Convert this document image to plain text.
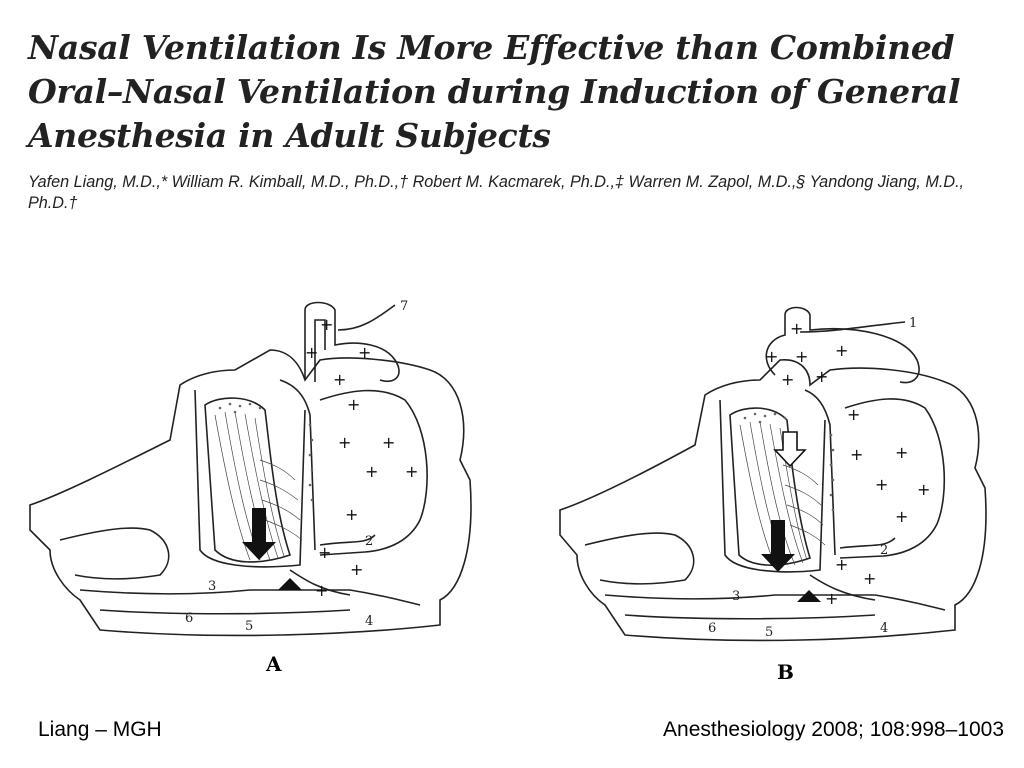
Nasal Ventilation Is More Effective than Combined Oral–Nasal Ventilation during Induction of General Anesthesia in Adult Subjects

Yafen Liang, M.D.,* William R. Kimball, M.D., Ph.D.,† Robert M. Kacmarek, Ph.D.,‡ Warren M. Zapol, M.D.,§ Yandong Jiang, M.D., Ph.D.†

+
+ +
+
+
+ +
+ +
+
+
+
+
7
2
3
6
5	4
A
+
+ + +
+ +
+
+ +
+ +
+
+
+
+
1
2
3
6	5	4
B
Liang – MGH	Anesthesiology 2008; 108:998–1003
